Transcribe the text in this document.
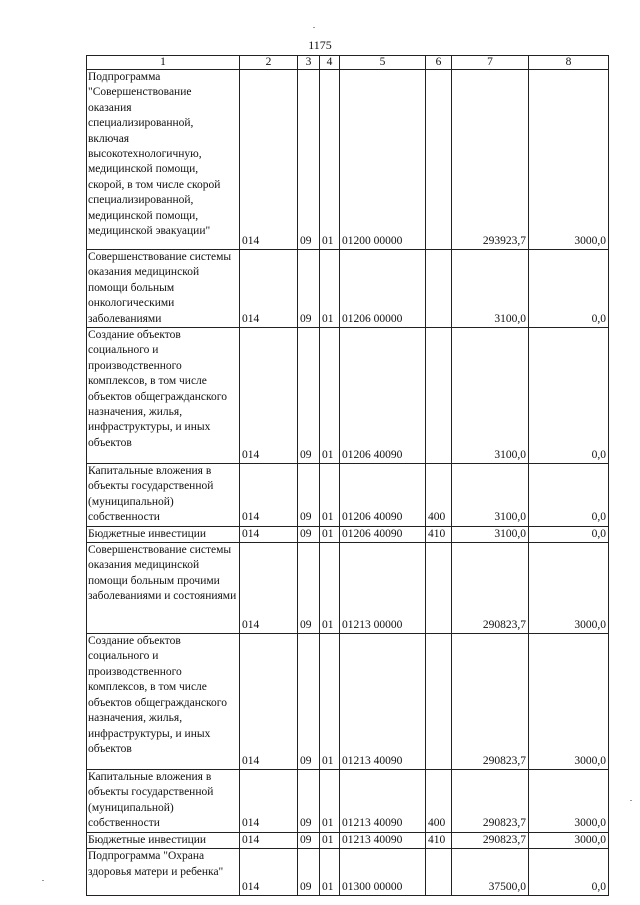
1175
1	2	3	4	5	6	7	8
Подпрограмма "Совершенствование оказания специализированной, включая высокотехнологичную, медицинской помощи, скорой, в том числе скорой специализированной, медицинской помощи, медицинской эвакуации"	014	09	01	01200 00000		293923,7	3000,0
Совершенствование системы оказания медицинской помощи больным онкологическими заболеваниями	014	09	01	01206 00000		3100,0	0,0
Создание объектов социального и производственного комплексов, в том числе объектов общегражданского назначения, жилья, инфраструктуры, и иных объектов	014	09	01	01206 40090		3100,0	0,0
Капитальные вложения в объекты государственной (муниципальной) собственности	014	09	01	01206 40090	400	3100,0	0,0
Бюджетные инвестиции	014	09	01	01206 40090	410	3100,0	0,0
Совершенствование системы оказания медицинской помощи больным прочими заболеваниями и состояниями	014	09	01	01213 00000		290823,7	3000,0
Создание объектов социального и производственного комплексов, в том числе объектов общегражданского назначения, жилья, инфраструктуры, и иных объектов	014	09	01	01213 40090		290823,7	3000,0
Капитальные вложения в объекты государственной (муниципальной) собственности	014	09	01	01213 40090	400	290823,7	3000,0
Бюджетные инвестиции	014	09	01	01213 40090	410	290823,7	3000,0
Подпрограмма "Охрана здоровья матери и ребенка"	014	09	01	01300 00000		37500,0	0,0
